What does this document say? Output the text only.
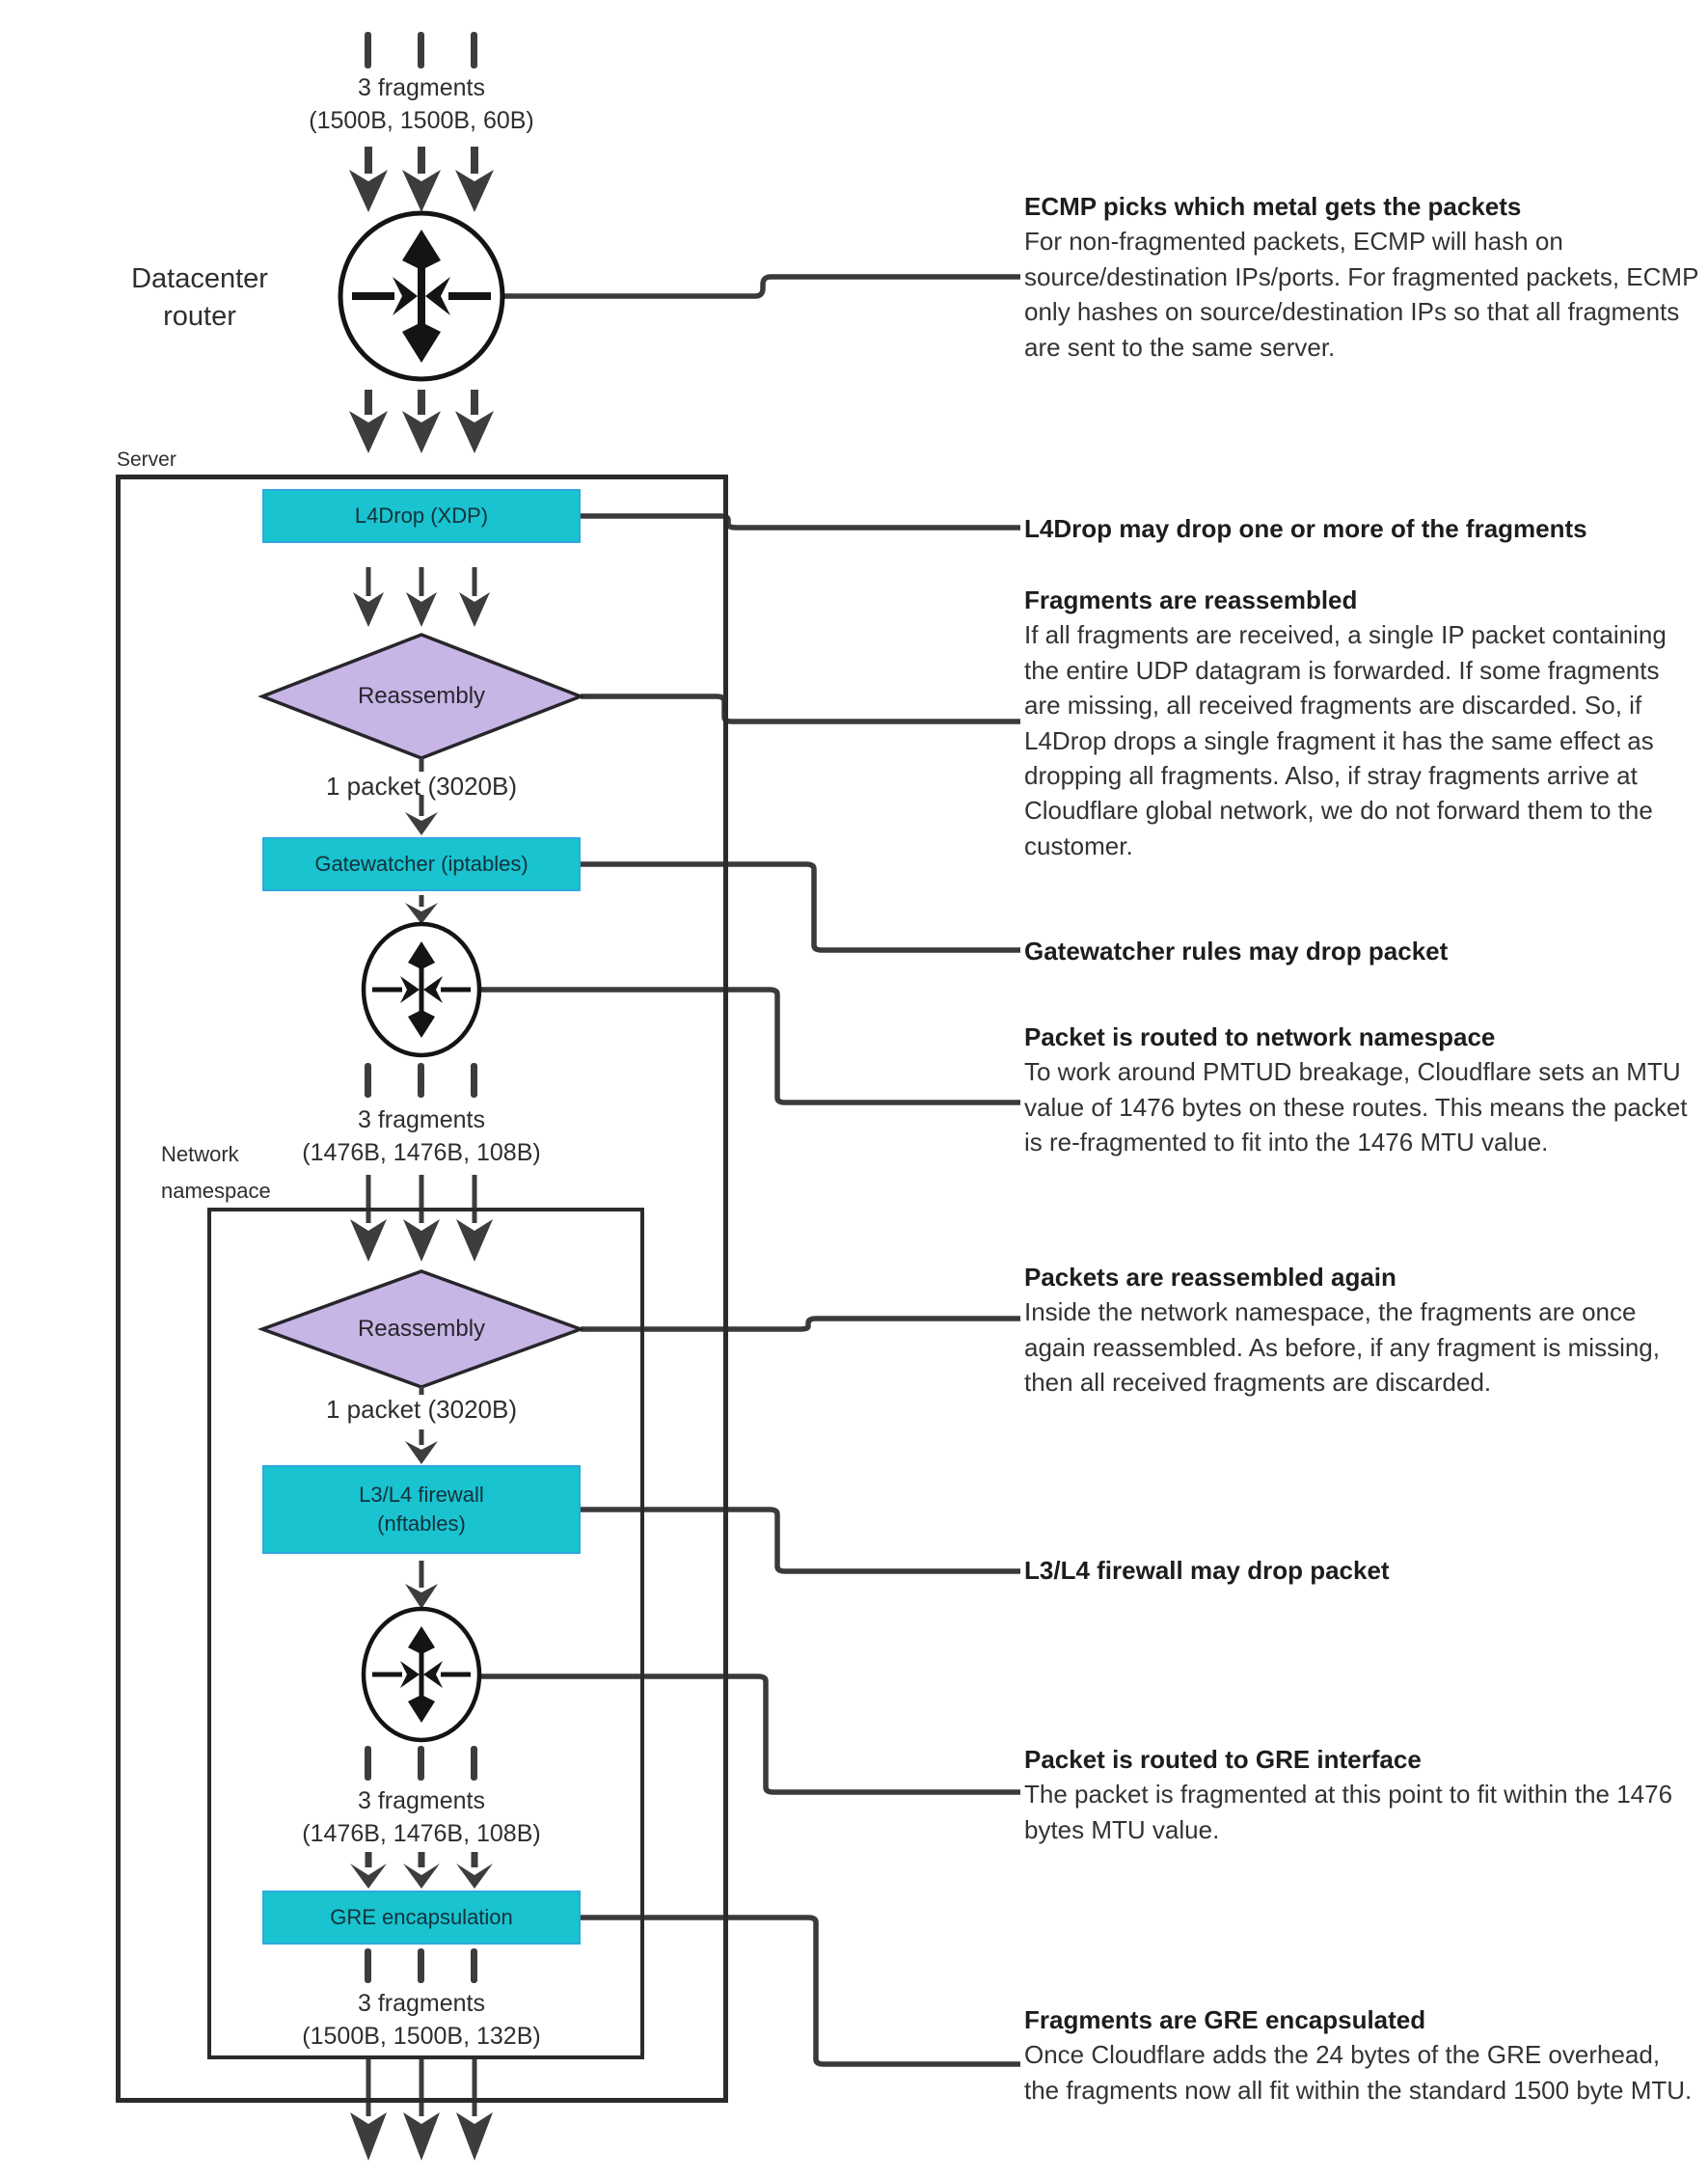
L4Drop (XDP)
Gatewatcher (iptables)
L3/L4 firewall
(nftables)
GRE encapsulation
Reassembly
Reassembly
Datacenter
router
Server
Network
namespace
3 fragments
(1500B, 1500B, 60B)
1 packet (3020B)
3 fragments
(1476B, 1476B, 108B)
1 packet (3020B)
3 fragments
(1476B, 1476B, 108B)
3 fragments
(1500B, 1500B, 132B)
ECMP picks which metal gets the packets
For non-fragmented packets, ECMP will hash on source/destination IPs/ports. For fragmented packets, ECMP only hashes on source/destination IPs so that all fragments are sent to the same server.
L4Drop may drop one or more of the fragments
Fragments are reassembled
If all fragments are received, a single IP packet containing the entire UDP datagram is forwarded. If some fragments are missing, all received fragments are discarded. So, if L4Drop drops a single fragment it has the same effect as dropping all fragments. Also, if stray fragments arrive at Cloudflare global network, we do not forward them to the customer.
Gatewatcher rules may drop packet
Packet is routed to network namespace
To work around PMTUD breakage, Cloudflare sets an MTU value of 1476 bytes on these routes. This means the packet is re-fragmented to fit into the 1476 MTU value.
Packets are reassembled again
Inside the network namespace, the fragments are once again reassembled. As before, if any fragment is missing, then all received fragments are discarded.
L3/L4 firewall may drop packet
Packet is routed to GRE interface
The packet is fragmented at this point to fit within the 1476 bytes MTU value.
Fragments are GRE encapsulated
Once Cloudflare adds the 24 bytes of the GRE overhead, the fragments now all fit within the standard 1500 byte MTU.
